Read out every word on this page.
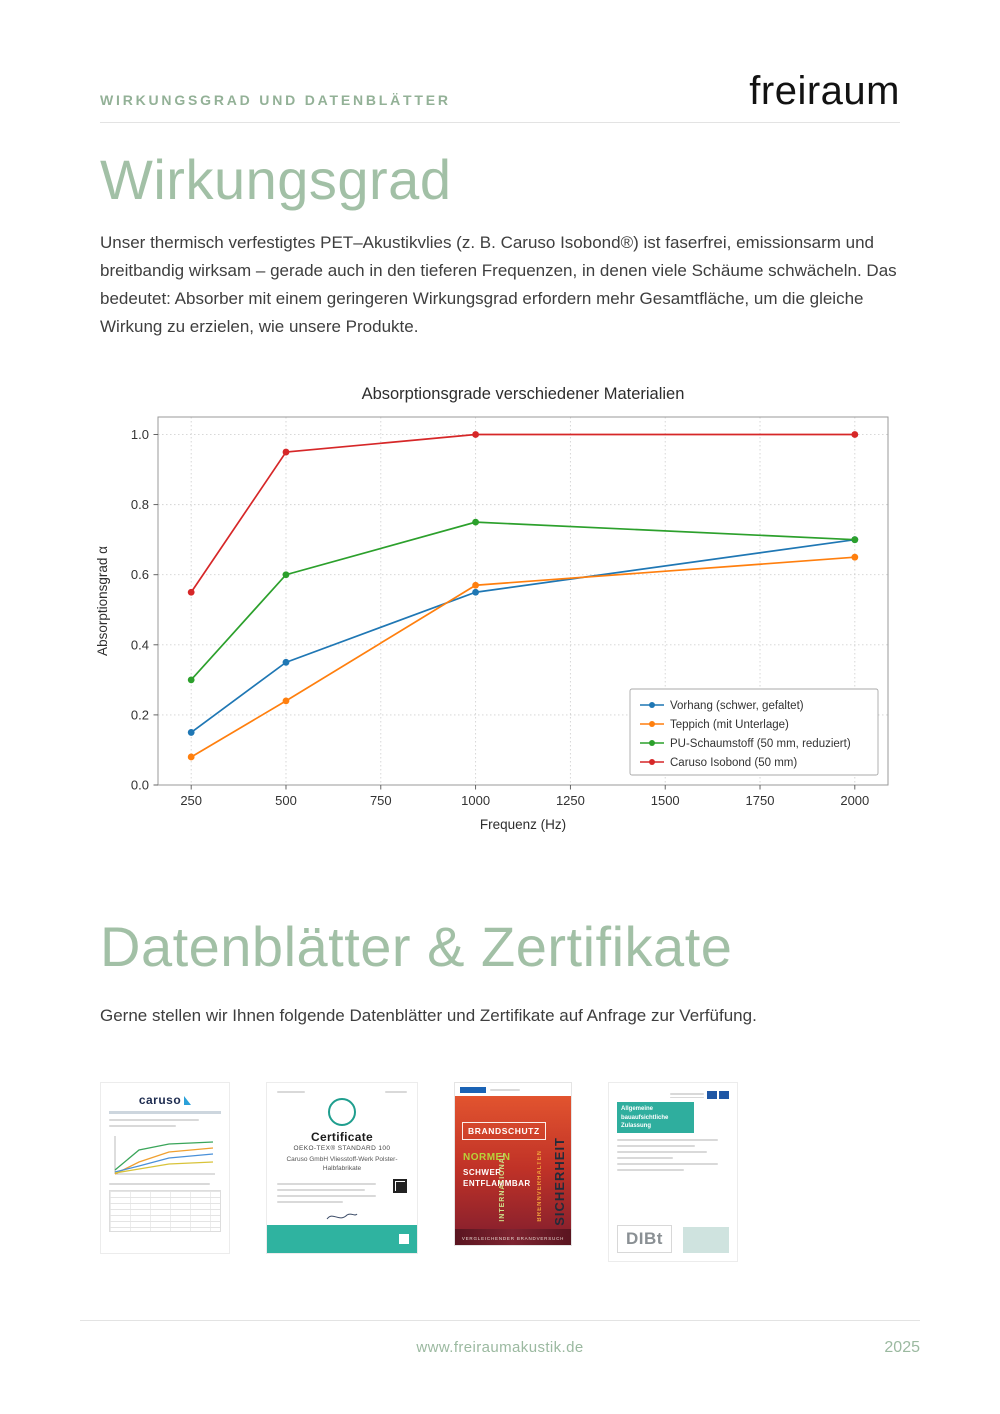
WIRKUNGSGRAD UND DATENBLÄTTER	freiraum
Wirkungsgrad

Unser thermisch verfestigtes PET–Akustikvlies (z. B. Caruso Isobond®) ist faserfrei, emissionsarm und breitbandig wirksam – gerade auch in den tieferen Frequenzen, in denen viele Schäume schwächeln. Das bedeutet: Absorber mit einem geringeren Wirkungsgrad erfordern mehr Gesamtfläche, um die gleiche Wirkung zu erzielen, wie unsere Produkte.

Absorptionsgrade verschiedener Materialien
250	500	750	1000	1250	1500	1750	2000
0.0
0.2
0.4
0.6
0.8
1.0
Frequenz (Hz)
Absorptionsgrad α
Vorhang (schwer, gefaltet)
Teppich (mit Unterlage)
PU-Schaumstoff (50 mm, reduziert)
Caruso Isobond (50 mm)
Datenblätter & Zertifikate

Gerne stellen wir Ihnen folgende Datenblätter und Zertifikate auf Anfrage zur Verfüfung.

caruso
Certificate
OEKO-TEX® STANDARD 100
Caruso GmbH Vliesstoff-Werk Polster-Halbfabrikate
BRANDSCHUTZ
NORMEN
SCHWER
ENTFLAMMBAR
INTERNATIONAL	BRENNVERHALTEN SICHERHEIT
VERGLEICHENDER BRANDVERSUCH
Allgemeine bauaufsichtliche Zulassung
DIBt
www.freiraumakustik.de	2025
